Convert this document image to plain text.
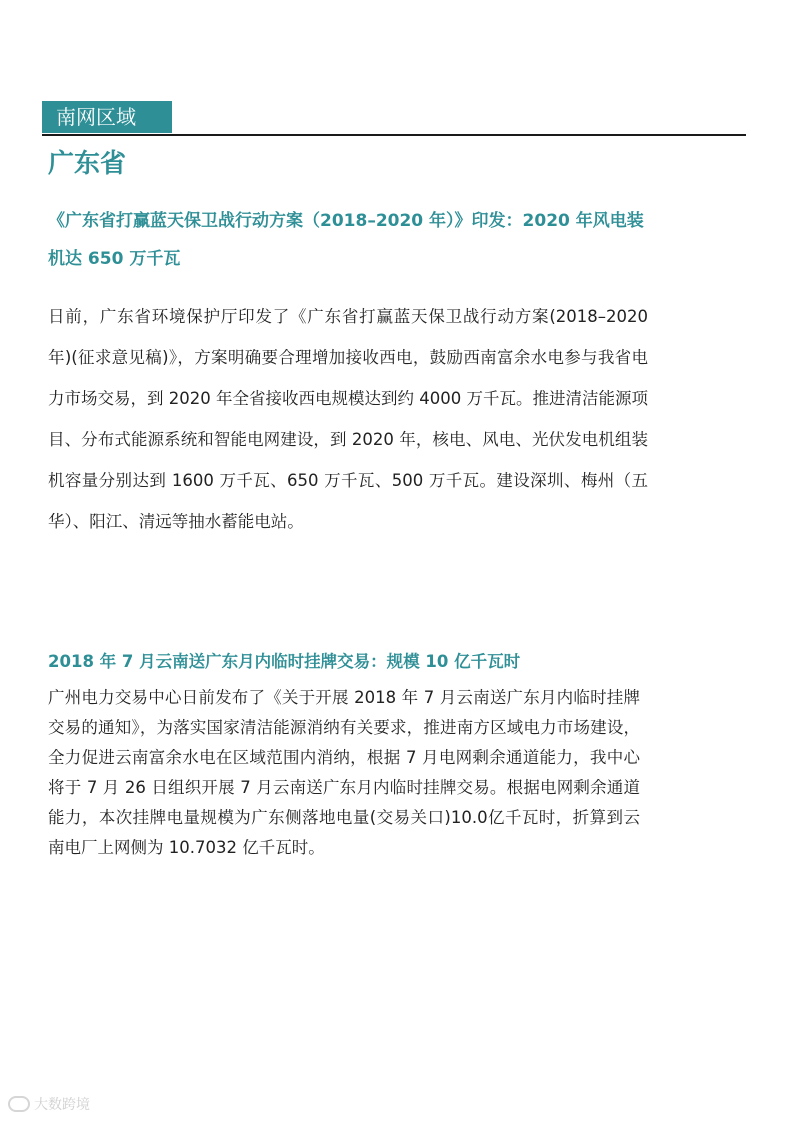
南网区域
广东省
《广东省打赢蓝天保卫战行动方案（2018–2020 年）》印发：2020 年风电装机达 650 万千瓦
日前，广东省环境保护厅印发了《广东省打赢蓝天保卫战行动方案(2018–2020 年)(征求意见稿)》，方案明确要合理增加接收西电，鼓励西南富余水电参与我省电力市场交易，到 2020 年全省接收西电规模达到约 4000 万千瓦。推进清洁能源项目、分布式能源系统和智能电网建设，到 2020 年，核电、风电、光伏发电机组装机容量分别达到 1600 万千瓦、650 万千瓦、500 万千瓦。建设深圳、梅州（五华）、阳江、清远等抽水蓄能电站。
2018 年 7 月云南送广东月内临时挂牌交易：规模 10 亿千瓦时
广州电力交易中心日前发布了《关于开展 2018 年 7 月云南送广东月内临时挂牌交易的通知》，为落实国家清洁能源消纳有关要求，推进南方区域电力市场建设，全力促进云南富余水电在区域范围内消纳，根据 7 月电网剩余通道能力，我中心将于 7 月 26 日组织开展 7 月云南送广东月内临时挂牌交易。根据电网剩余通道能力，本次挂牌电量规模为广东侧落地电量(交易关口)10.0亿千瓦时，折算到云南电厂上网侧为 10.7032 亿千瓦时。
大数跨境
